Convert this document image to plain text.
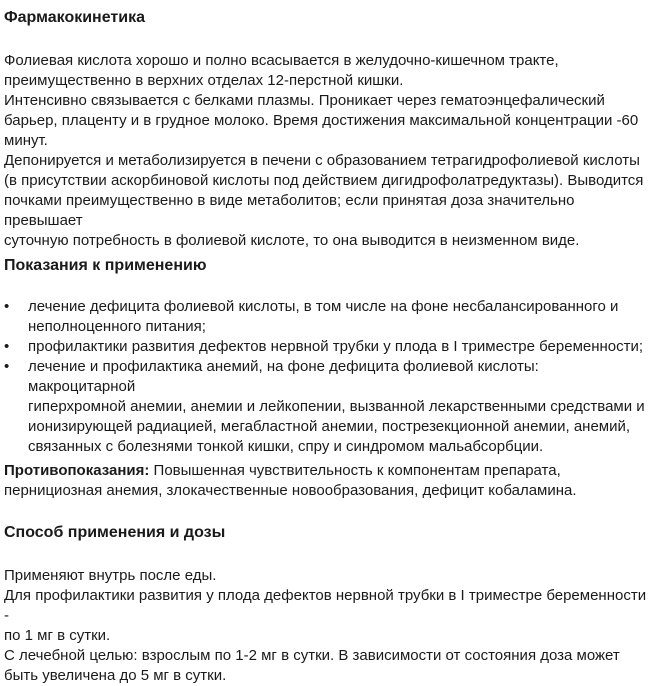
Фармакокинетика
Фолиевая кислота хорошо и полно всасывается в желудочно-кишечном тракте,
преимущественно в верхних отделах 12-перстной кишки.
Интенсивно связывается с белками плазмы. Проникает через гематоэнцефалический
барьер, плаценту и в грудное молоко. Время достижения максимальной концентрации -60
минут.
Депонируется и метаболизируется в печени с образованием тетрагидрофолиевой кислоты
(в присутствии аскорбиновой кислоты под действием дигидрофолатредуктазы). Выводится
почками преимущественно в виде метаболитов; если принятая доза значительно превышает
суточную потребность в фолиевой кислоте, то она выводится в неизменном виде.
Показания к применению
•	лечение дефицита фолиевой кислоты, в том числе на фоне несбалансированного и
неполноценного питания;
•	профилактики развития дефектов нервной трубки у плода в I триместре беременности;
•	лечение и профилактика анемий, на фоне дефицита фолиевой кислоты: макроцитарной
гиперхромной анемии, анемии и лейкопении, вызванной лекарственными средствами и
ионизирующей радиацией, мегабластной анемии, пострезекционной анемии, анемий,
связанных с болезнями тонкой кишки, спру и синдромом мальабсорбции.
Противопоказания: Повышенная чувствительность к компонентам препарата,
пернициозная анемия, злокачественные новообразования, дефицит кобаламина.
Способ применения и дозы
Применяют внутрь после еды.
Для профилактики развития у плода дефектов нервной трубки в I триместре беременности -
по 1 мг в сутки.
С лечебной целью: взрослым по 1-2 мг в сутки. В зависимости от состояния доза может
быть увеличена до 5 мг в сутки.
